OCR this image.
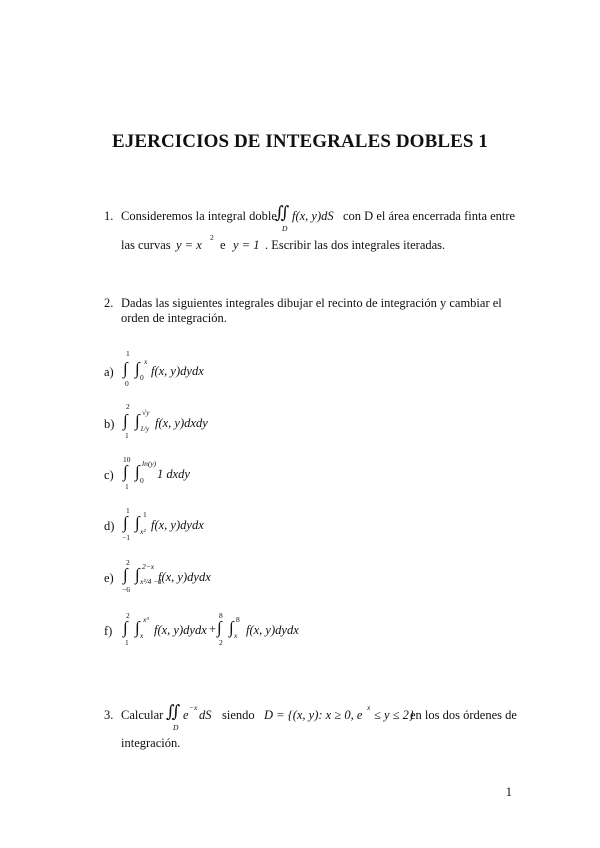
EJERCICIOS DE INTEGRALES DOBLES 1
1. Consideremos la integral doble
∬
D
f(x, y)dS con D el área encerrada finta entre
las curvas y = x
2
e y = 1 . Escribir las dos integrales iteradas.
2. Dadas las siguientes integrales dibujar el recinto de integración y cambiar el
orden de integración.
a)
1
∫
0
x
∫ 0 f(x, y)dydx
b)
2
∫
1
√y
∫ 1/y f(x, y)dxdy
c)
10
∫
1
ln(y)
∫ 0 1 dxdy
d)
1
∫
−1
1
∫ x² f(x, y)dydx
e)
2
∫
−6
2−x
∫ x²/4 −1
f(x, y)dydx
f)
2
∫
1
x³
∫ x f(x, y)dydx +
8
∫
2
8
∫ x f(x, y)dydx
3. Calcular ∬
D
e
−x
dS siendo D = {(x, y): x ≥ 0, e
x
≤ y ≤ 2}
en los dos órdenes de
integración.
1
